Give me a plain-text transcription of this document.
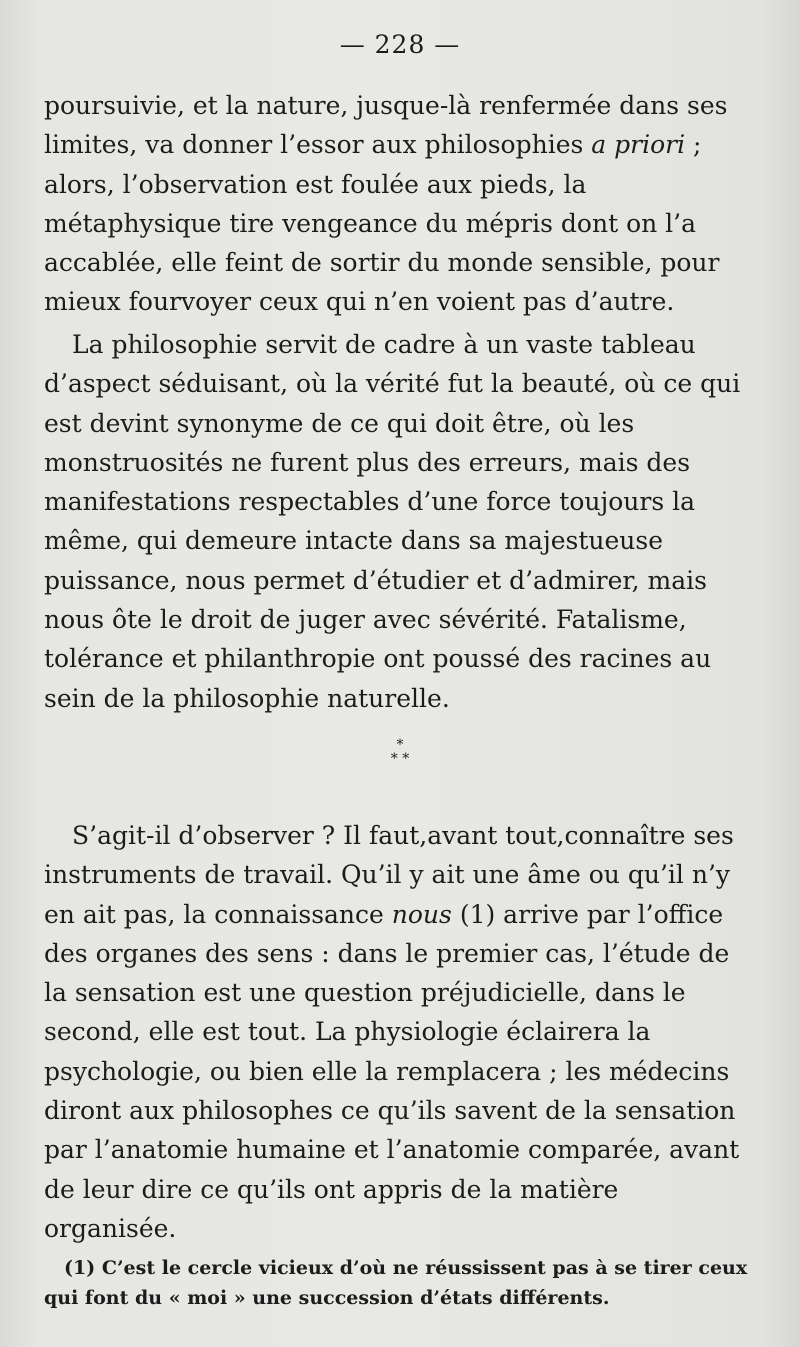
— 228 —

poursuivie, et la nature, jusque-là renfermée dans ses limites, va donner l’essor aux philosophies a priori ; alors, l’observation est foulée aux pieds, la métaphysique tire vengeance du mépris dont on l’a accablée, elle feint de sortir du monde sensible, pour mieux fourvoyer ceux qui n’en voient pas d’autre.

La philosophie servit de cadre à un vaste tableau d’aspect séduisant, où la vérité fut la beauté, où ce qui est devint synonyme de ce qui doit être, où les monstruosités ne furent plus des erreurs, mais des manifestations respectables d’une force toujours la même, qui demeure intacte dans sa majestueuse puissance, nous permet d’étudier et d’admirer, mais nous ôte le droit de juger avec sévérité. Fatalisme, tolérance et philanthropie ont poussé des racines au sein de la philosophie naturelle.

*
* *

S’agit-il d’observer ? Il faut,avant tout,connaître ses instruments de travail. Qu’il y ait une âme ou qu’il n’y en ait pas, la connaissance nous (1) arrive par l’office des organes des sens : dans le premier cas, l’étude de la sensation est une question préjudicielle, dans le second, elle est tout. La physiologie éclairera la psychologie, ou bien elle la remplacera ; les médecins diront aux philosophes ce qu’ils savent de la sensation par l’anatomie humaine et l’anatomie comparée, avant de leur dire ce qu’ils ont appris de la matière organisée.

(1) C’est le cercle vicieux d’où ne réussissent pas à se tirer ceux qui font du « moi » une succession d’états différents.
